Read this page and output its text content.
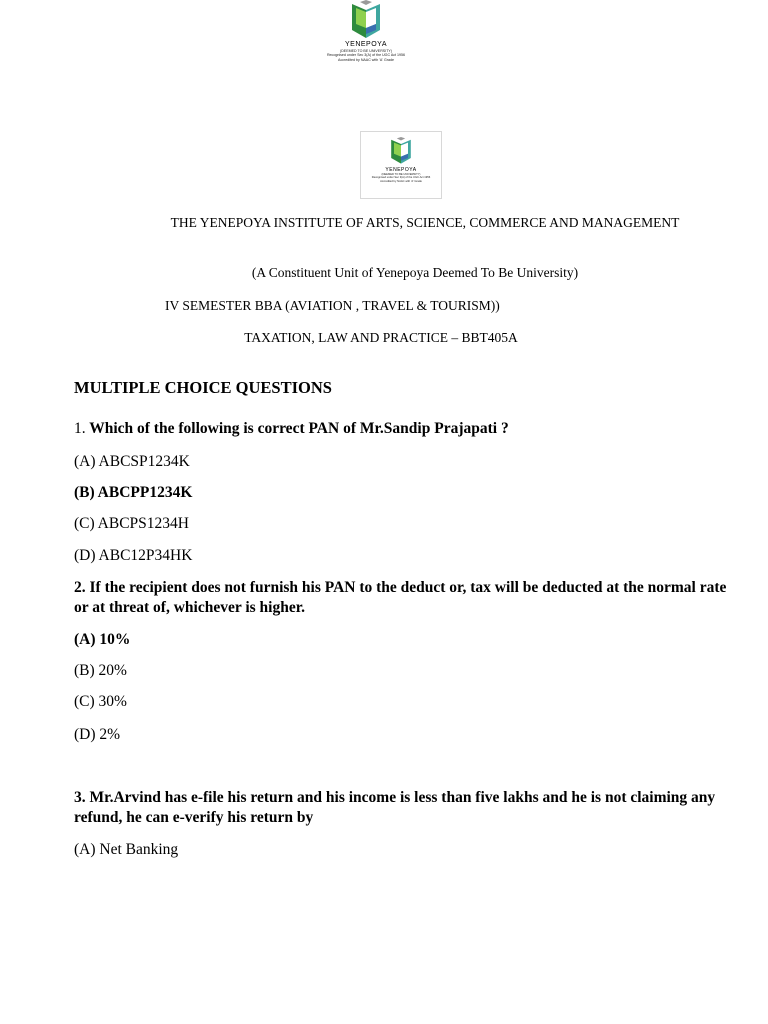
YENEPOYA
(DEEMED TO BE UNIVERSITY)
Recognised under Sec 3(A) of the UGC Act 1956
Accredited by NAAC with 'A' Grade
YENEPOYA
(DEEMED TO BE UNIVERSITY)
Recognised under Sec 3(A) of the UGC Act 1956
Accredited by NAAC with 'A' Grade

THE YENEPOYA INSTITUTE OF ARTS, SCIENCE, COMMERCE AND MANAGEMENT

(A Constituent Unit of Yenepoya Deemed To Be University)

IV SEMESTER BBA (AVIATION , TRAVEL & TOURISM))

TAXATION, LAW AND PRACTICE – BBT405A

MULTIPLE CHOICE QUESTIONS

1. Which of the following is correct PAN of Mr.Sandip Prajapati ?

(A) ABCSP1234K

(B) ABCPP1234K

(C) ABCPS1234H

(D) ABC12P34HK

2. If the recipient does not furnish his PAN to the deduct or, tax will be deducted at the normal rate or at threat of, whichever is higher.

(A) 10%

(B) 20%

(C) 30%

(D) 2%

3. Mr.Arvind has e-file his return and his income is less than five lakhs and he is not claiming any refund, he can e-verify his return by

(A) Net Banking
